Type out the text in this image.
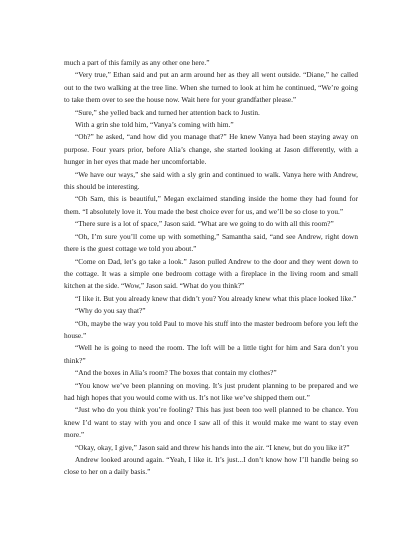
much a part of this family as any other one here.”

“Very true,” Ethan said and put an arm around her as they all went outside. “Diane,” he called out to the two walking at the tree line. When she turned to look at him he continued, “We’re going to take them over to see the house now. Wait here for your grandfather please.”

“Sure,” she yelled back and turned her attention back to Justin.

With a grin she told him, “Vanya’s coming with him.”

“Oh?” he asked, “and how did you manage that?” He knew Vanya had been staying away on purpose. Four years prior, before Alia’s change, she started looking at Jason differently, with a hunger in her eyes that made her uncomfortable.

“We have our ways,” she said with a sly grin and continued to walk. Vanya here with Andrew, this should be interesting.

“Oh Sam, this is beautiful,” Megan exclaimed standing inside the home they had found for them. “I absolutely love it. You made the best choice ever for us, and we’ll be so close to you.”

“There sure is a lot of space,” Jason said. “What are we going to do with all this room?”

“Oh, I’m sure you’ll come up with something,” Samantha said, “and see Andrew, right down there is the guest cottage we told you about.”

“Come on Dad, let’s go take a look.” Jason pulled Andrew to the door and they went down to the cottage. It was a simple one bedroom cottage with a fireplace in the living room and small kitchen at the side. “Wow,” Jason said. “What do you think?”

“I like it. But you already knew that didn’t you? You already knew what this place looked like.”

“Why do you say that?”

“Oh, maybe the way you told Paul to move his stuff into the master bedroom before you left the house.”

“Well he is going to need the room. The loft will be a little tight for him and Sara don’t you think?”

“And the boxes in Alia’s room? The boxes that contain my clothes?”

“You know we’ve been planning on moving. It’s just prudent planning to be prepared and we had high hopes that you would come with us. It’s not like we’ve shipped them out.”

“Just who do you think you’re fooling? This has just been too well planned to be chance. You knew I’d want to stay with you and once I saw all of this it would make me want to stay even more.”

“Okay, okay, I give,” Jason said and threw his hands into the air. “I knew, but do you like it?”

Andrew looked around again. “Yeah, I like it. It’s just...I don’t know how I’ll handle being so close to her on a daily basis.”
